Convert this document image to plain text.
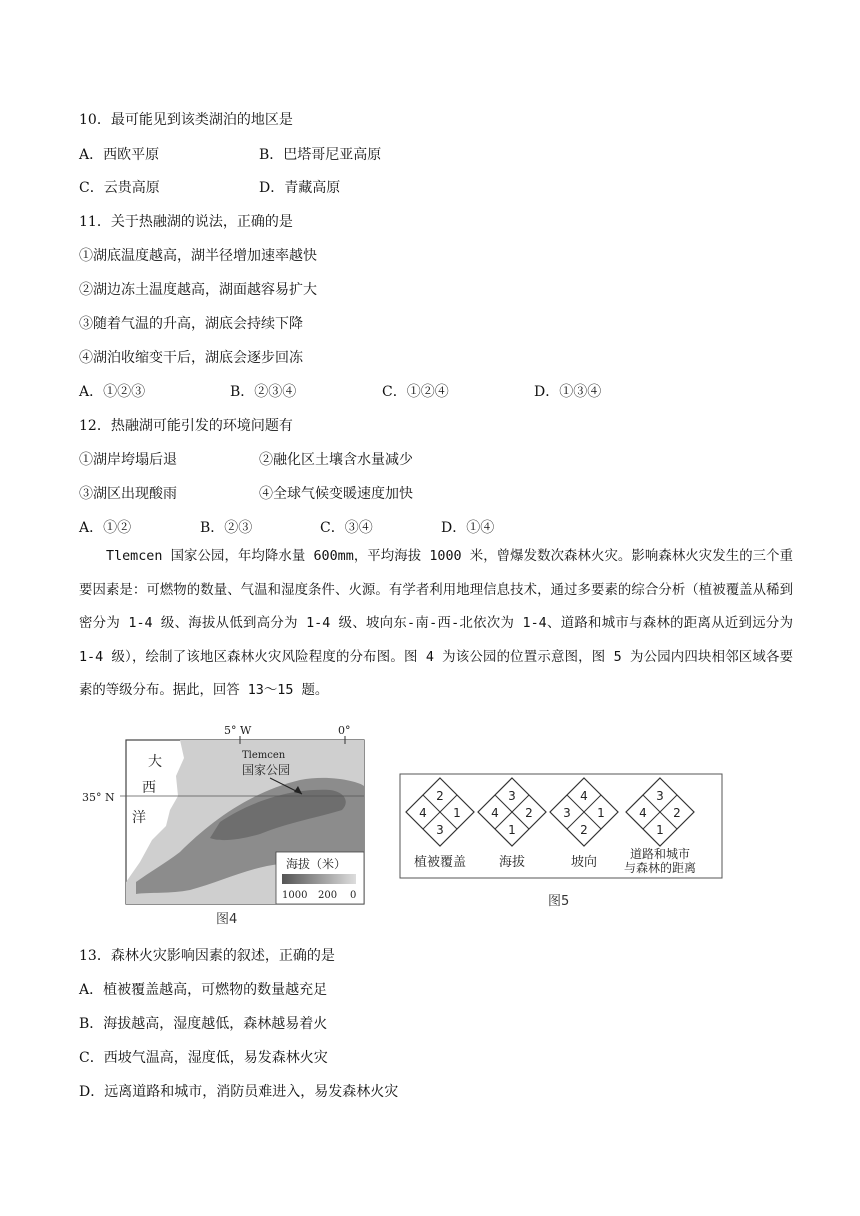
10．最可能见到该类湖泊的地区是
A．西欧平原	B．巴塔哥尼亚高原
C．云贵高原	D．青藏高原
11．关于热融湖的说法，正确的是
①湖底温度越高，湖半径增加速率越快
②湖边冻土温度越高，湖面越容易扩大
③随着气温的升高，湖底会持续下降
④湖泊收缩变干后，湖底会逐步回冻
A．①②③	B．②③④	C．①②④	D．①③④
12．热融湖可能引发的环境问题有
①湖岸垮塌后退	②融化区土壤含水量减少
③湖区出现酸雨	④全球气候变暖速度加快
A．①②	B．②③	C．③④	D．①④
Tlemcen 国家公园，年均降水量 600mm，平均海拔 1000 米，曾爆发数次森林火灾。影响森林火灾发生的三个重要因素是：可燃物的数量、气温和湿度条件、火源。有学者利用地理信息技术，通过多要素的综合分析（植被覆盖从稀到密分为 1-4 级、海拔从低到高分为 1-4 级、坡向东-南-西-北依次为 1-4、道路和城市与森林的距离从近到远分为 1-4 级），绘制了该地区森林火灾风险程度的分布图。图 4 为该公园的位置示意图，图 5 为公园内四块相邻区域各要素的等级分布。据此，回答 13～15 题。
大
西
洋
5° W	0°
35° N
Tlemcen
国家公园
海拔（米）
1000 200 0
图4
2
4 1
3
植被覆盖
3
4 2
1
海拔
4
3 1
2
坡向
3
4 2
1
道路和城市
与森林的距离
图5
13．森林火灾影响因素的叙述，正确的是
A．植被覆盖越高，可燃物的数量越充足
B．海拔越高，湿度越低，森林越易着火
C．西坡气温高，湿度低，易发森林火灾
D．远离道路和城市，消防员难进入，易发森林火灾
